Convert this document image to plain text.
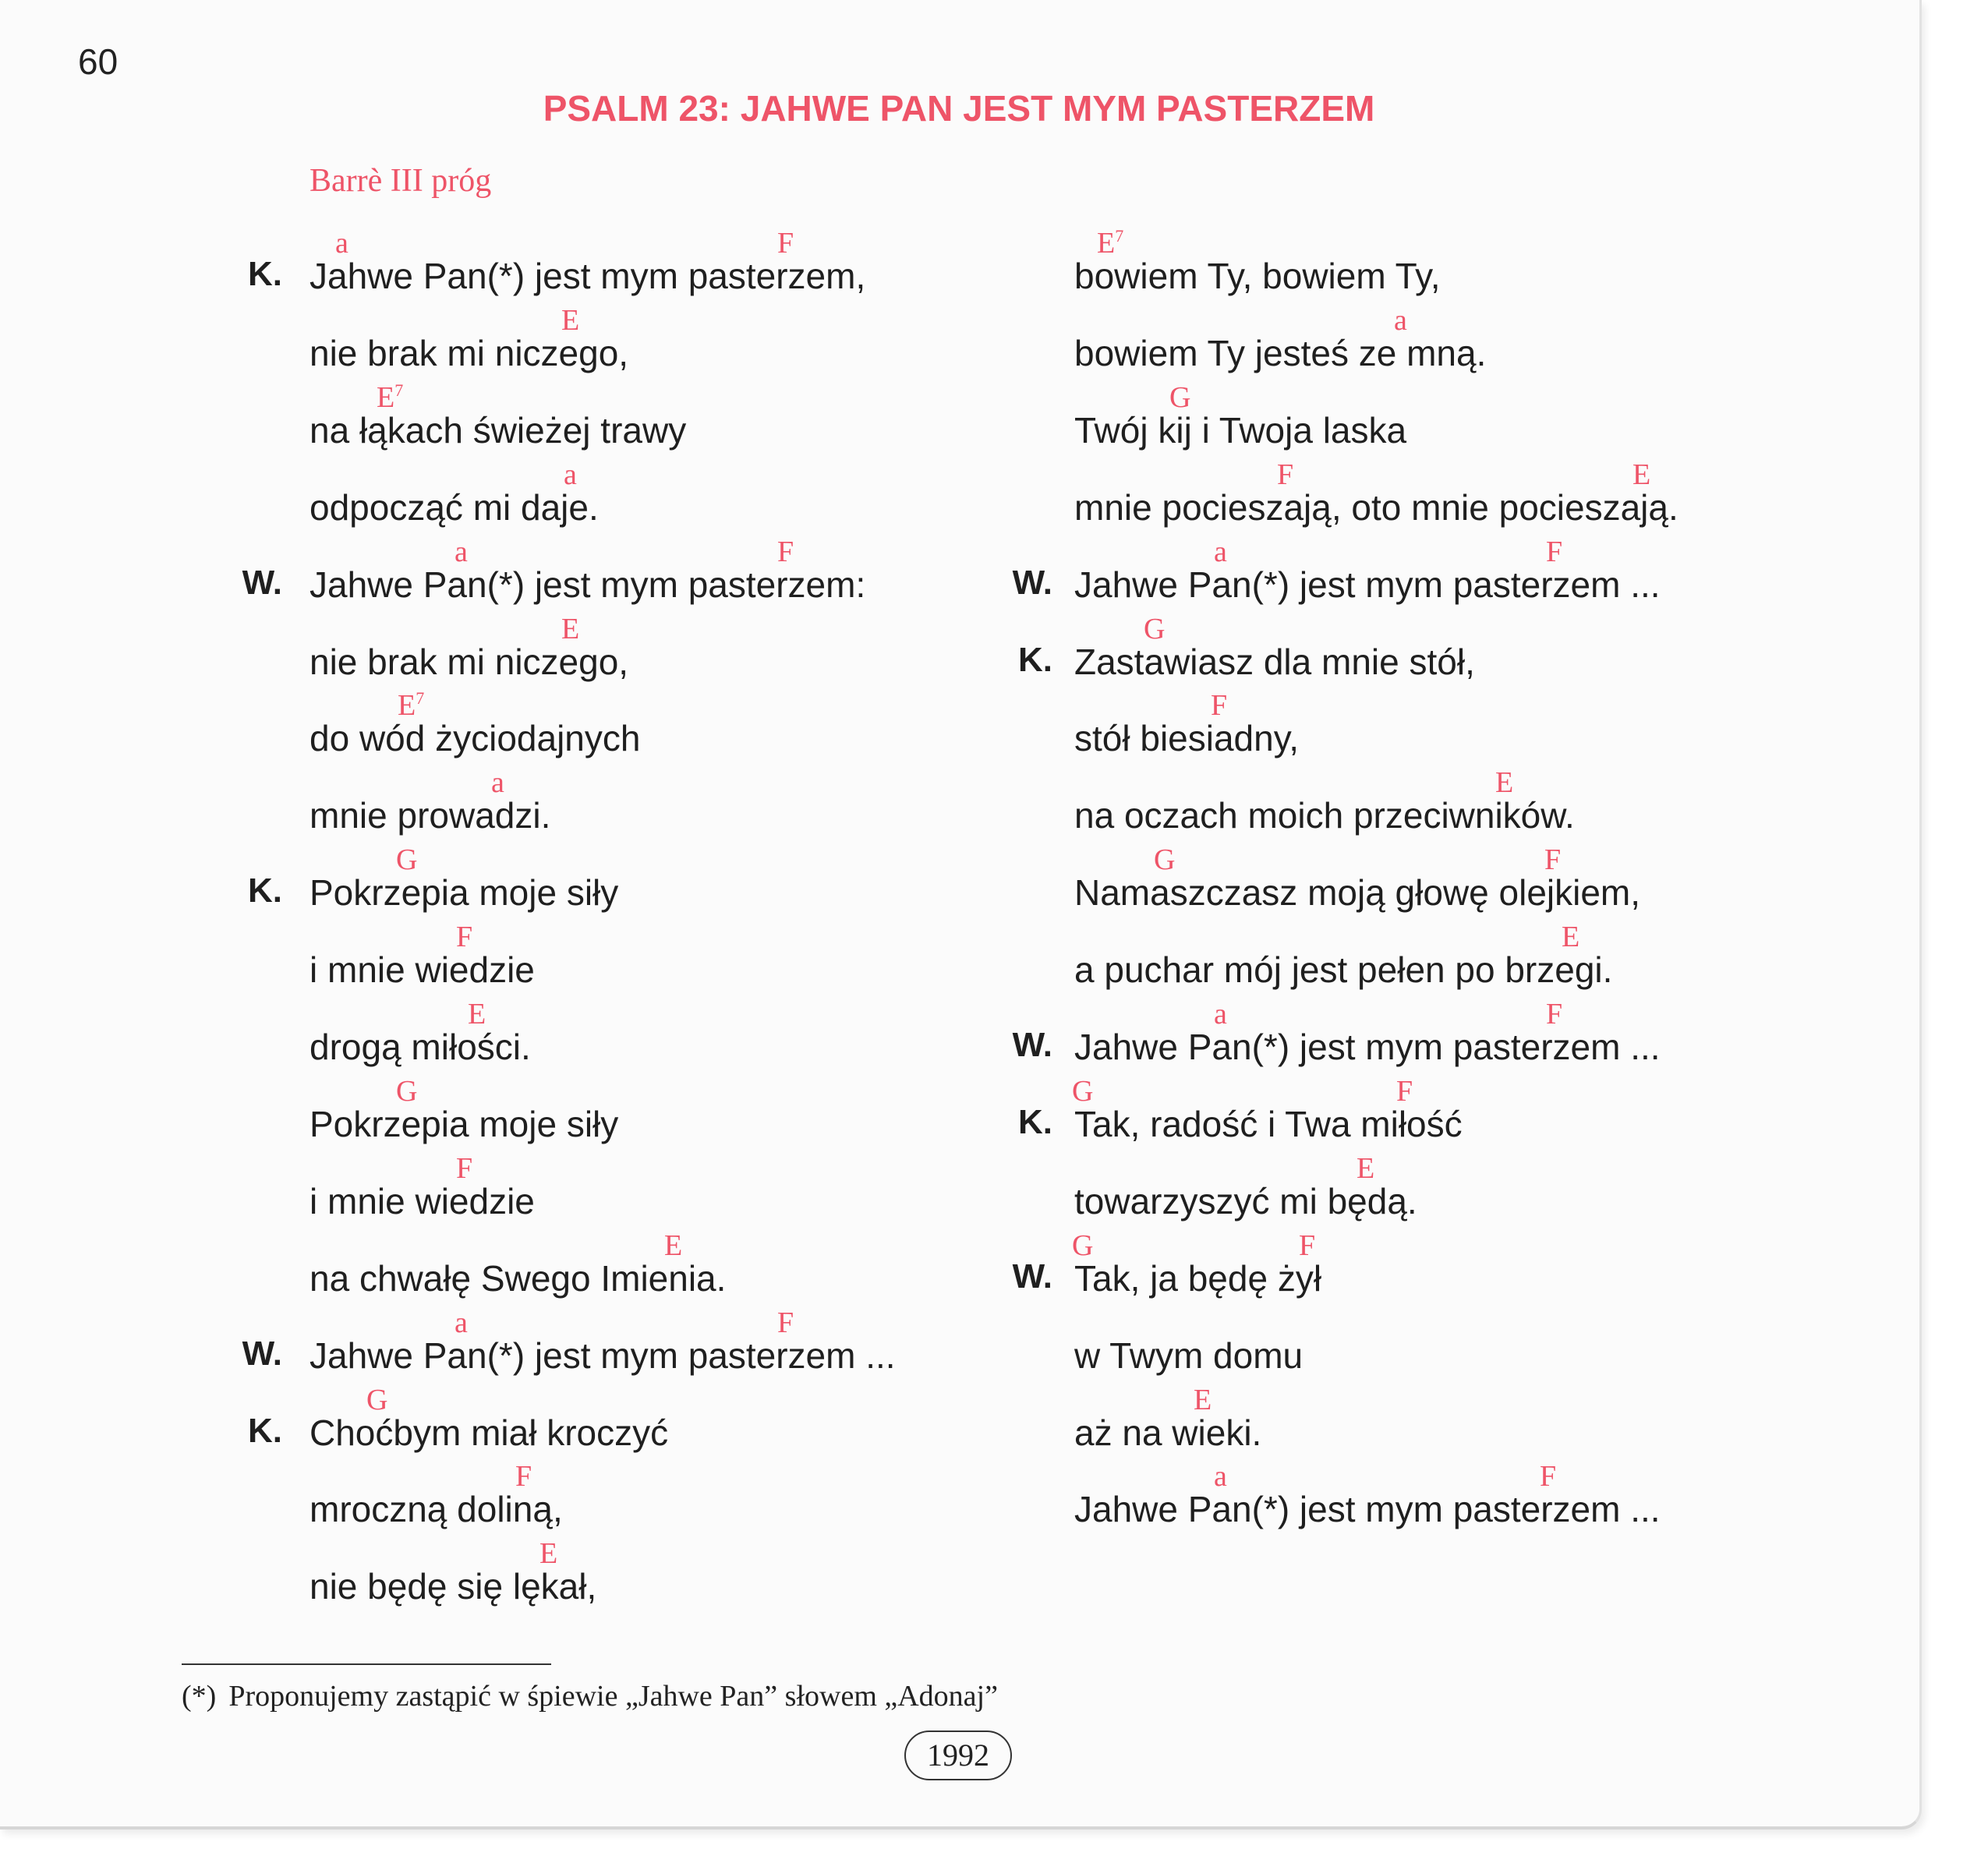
60
PSALM 23: JAHWE PAN JEST MYM PASTERZEM
Barrè III próg
K. Jahwe Pan(*) jest mym pasterzem,
a	F
nie brak mi niczego,
E
na łąkach świeżej trawy
$E^7$
odpocząć mi daje.
a
W. Jahwe Pan(*) jest mym pasterzem:
a	F
nie brak mi niczego,
E
do wód życiodajnych
$E^7$
mnie prowadzi.
a
K. Pokrzepia moje siły
G
i mnie wiedzie
F
drogą miłości.
E
Pokrzepia moje siły
G
i mnie wiedzie
F
na chwałę Swego Imienia.
E
W. Jahwe Pan(*) jest mym pasterzem ...
a	F
K. Choćbym miał kroczyć
G
mroczną doliną,
F
nie będę się lękał,
E
bowiem Ty, bowiem Ty,
$E^7$
bowiem Ty jesteś ze mną.
a
Twój kij i Twoja laska
G
mnie pocieszają, oto mnie pocieszają.
F	E
W. Jahwe Pan(*) jest mym pasterzem ...
a	F
K. Zastawiasz dla mnie stół,
G
stół biesiadny,
F
na oczach moich przeciwników.
E
Namaszczasz moją głowę olejkiem,
G	F
a puchar mój jest pełen po brzegi.
E
W. Jahwe Pan(*) jest mym pasterzem ...
a	F
K. Tak, radość i Twa miłość
G	F
towarzyszyć mi będą.
E
W. Tak, ja będę żył
G	F
w Twym domu
aż na wieki.
E
Jahwe Pan(*) jest mym pasterzem ...
a	F
(*) Proponujemy zastąpić w śpiewie „Jahwe Pan” słowem „Adonaj”
1992
